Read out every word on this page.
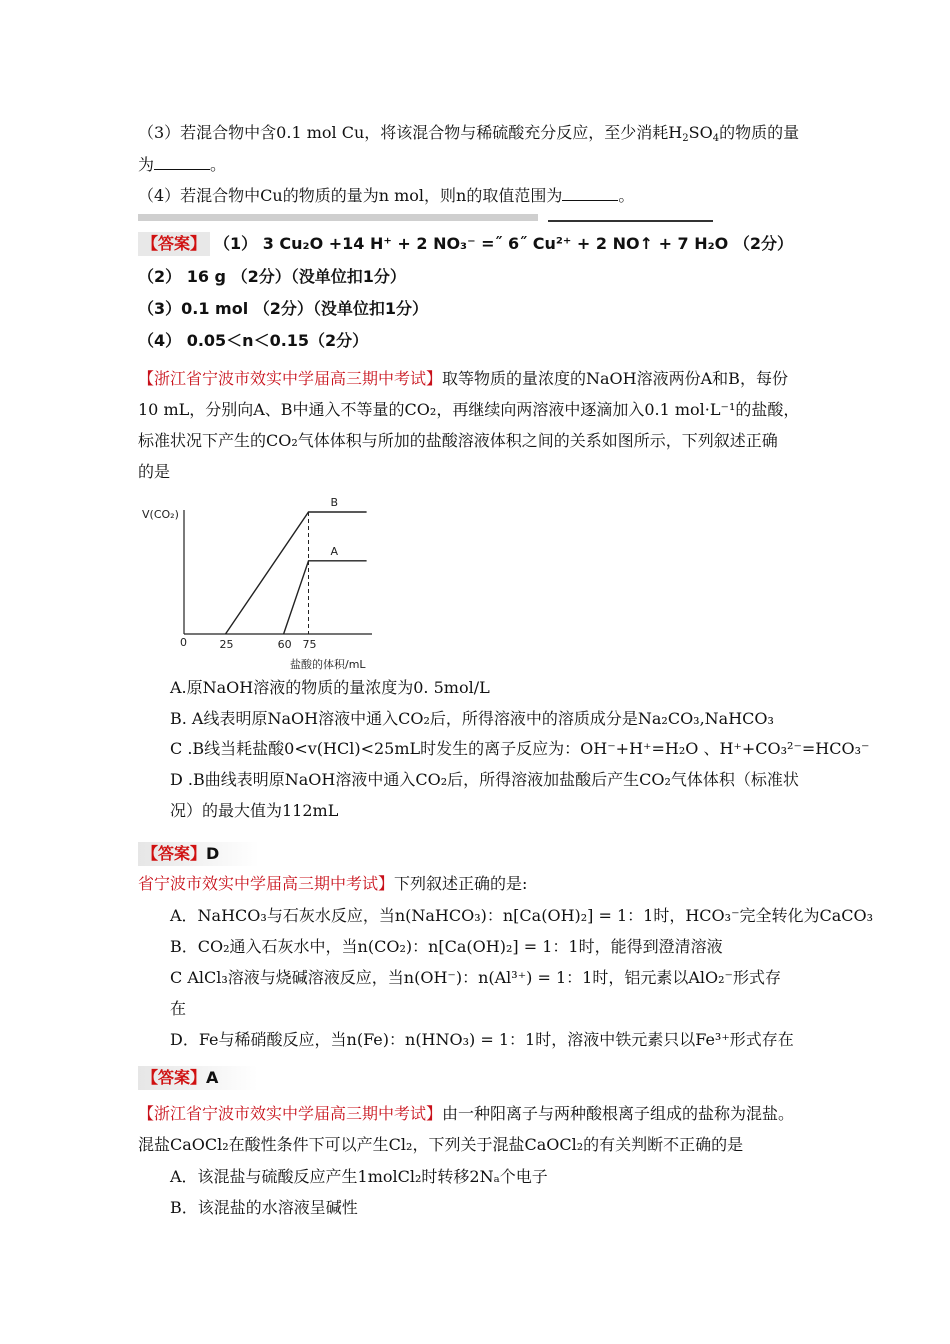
（3）若混合物中含0.1 mol Cu，将该混合物与稀硫酸充分反应，至少消耗$H_2SO_4$的物质的量
为	。
（4）若混合物中Cu的物质的量为n mol，则n的取值范围为	。
【答案】 （1） 3 Cu₂O +14 H⁺ + 2 NO₃⁻ =˝ 6˝ Cu²⁺ + 2 NO↑ + 7 H₂O （2分）
（2） 16 g （2分）（没单位扣1分）
（3）0.1 mol （2分）（没单位扣1分）
（4） 0.05＜n＜0.15（2分）
【浙江省宁波市效实中学届高三期中考试】取等物质的量浓度的NaOH溶液两份A和B，每份
10 mL，分别向A、B中通入不等量的CO₂，再继续向两溶液中逐滴加入0.1 mol·L⁻¹的盐酸，
标准状况下产生的CO₂气体体积与所加的盐酸溶液体积之间的关系如图所示，下列叙述正确
的是
V(CO₂)
0	25	60 75
盐酸的体积/mL
B
A
A.原NaOH溶液的物质的量浓度为0. 5mol/L
B. A线表明原NaOH溶液中通入CO₂后，所得溶液中的溶质成分是Na₂CO₃,NaHCO₃
C .B线当耗盐酸0<v(HCl)<25mL时发生的离子反应为：OH⁻+H⁺=H₂O 、H⁺+CO₃²⁻=HCO₃⁻
D .B曲线表明原NaOH溶液中通入CO₂后，所得溶液加盐酸后产生CO₂气体体积（标准状
况）的最大值为112mL
【答案】D
省宁波市效实中学届高三期中考试】下列叙述正确的是:
A．NaHCO₃与石灰水反应，当n(NaHCO₃)：n[Ca(OH)₂] = 1：1时，HCO₃⁻完全转化为CaCO₃
B．CO₂通入石灰水中，当n(CO₂)：n[Ca(OH)₂] = 1：1时，能得到澄清溶液
C AlCl₃溶液与烧碱溶液反应，当n(OH⁻)：n(Al³⁺) = 1：1时，铝元素以AlO₂⁻形式存
在
D．Fe与稀硝酸反应，当n(Fe)：n(HNO₃) = 1：1时，溶液中铁元素只以Fe³⁺形式存在
【答案】A
【浙江省宁波市效实中学届高三期中考试】由一种阳离子与两种酸根离子组成的盐称为混盐。
混盐CaOCl₂在酸性条件下可以产生Cl₂，下列关于混盐CaOCl₂的有关判断不正确的是
A．该混盐与硫酸反应产生1molCl₂时转移2Nₐ个电子
B．该混盐的水溶液呈碱性
